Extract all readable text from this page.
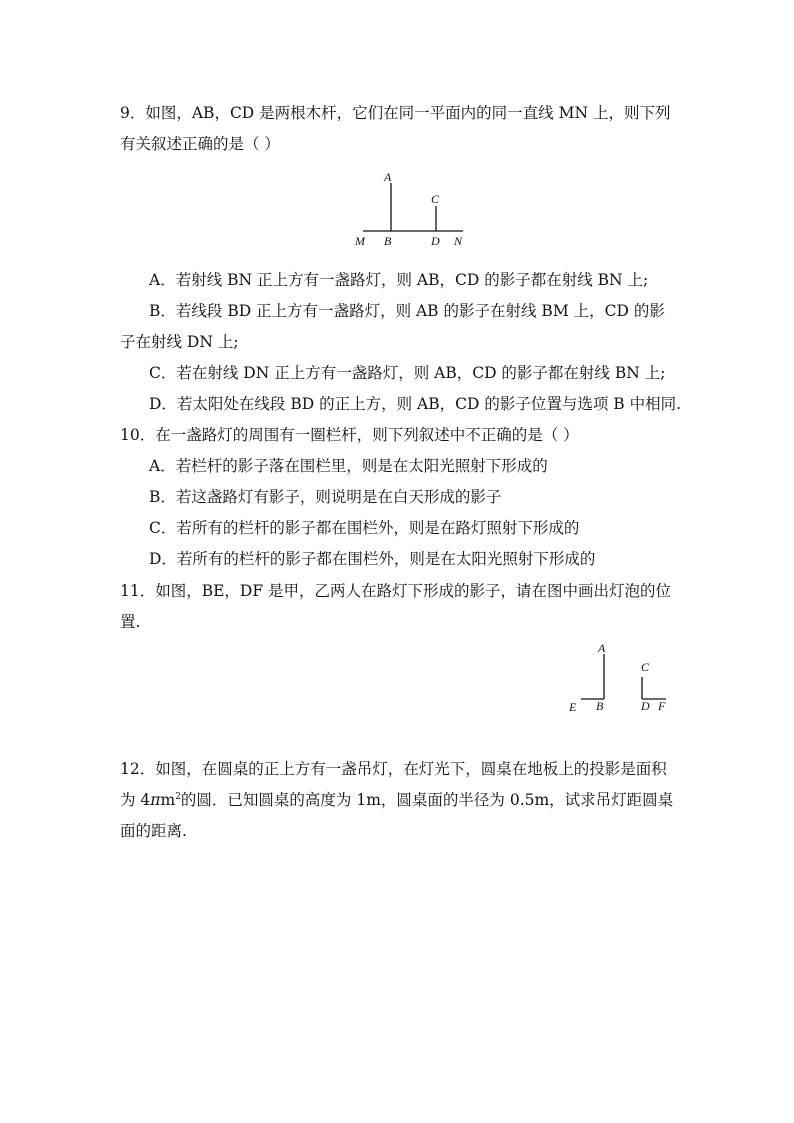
9．如图，AB，CD 是两根木杆，它们在同一平面内的同一直线 MN 上，则下列
有关叙述正确的是（ ）
A
C
M B	D N
A．若射线 BN 正上方有一盏路灯，则 AB，CD 的影子都在射线 BN 上;
B．若线段 BD 正上方有一盏路灯，则 AB 的影子在射线 BM 上，CD 的影
子在射线 DN 上;
C．若在射线 DN 正上方有一盏路灯，则 AB，CD 的影子都在射线 BN 上;
D．若太阳处在线段 BD 的正上方，则 AB，CD 的影子位置与选项 B 中相同.
10．在一盏路灯的周围有一圈栏杆，则下列叙述中不正确的是（ ）
A．若栏杆的影子落在围栏里，则是在太阳光照射下形成的
B．若这盏路灯有影子，则说明是在白天形成的影子
C．若所有的栏杆的影子都在围栏外，则是在路灯照射下形成的
D．若所有的栏杆的影子都在围栏外，则是在太阳光照射下形成的
11．如图，BE，DF 是甲，乙两人在路灯下形成的影子，请在图中画出灯泡的位
置.
A
C
E B	D F
12．如图，在圆桌的正上方有一盏吊灯，在灯光下，圆桌在地板上的投影是面积
为 $4\pi m^2$的圆．已知圆桌的高度为 1m，圆桌面的半径为 0.5m，试求吊灯距圆桌
面的距离.
